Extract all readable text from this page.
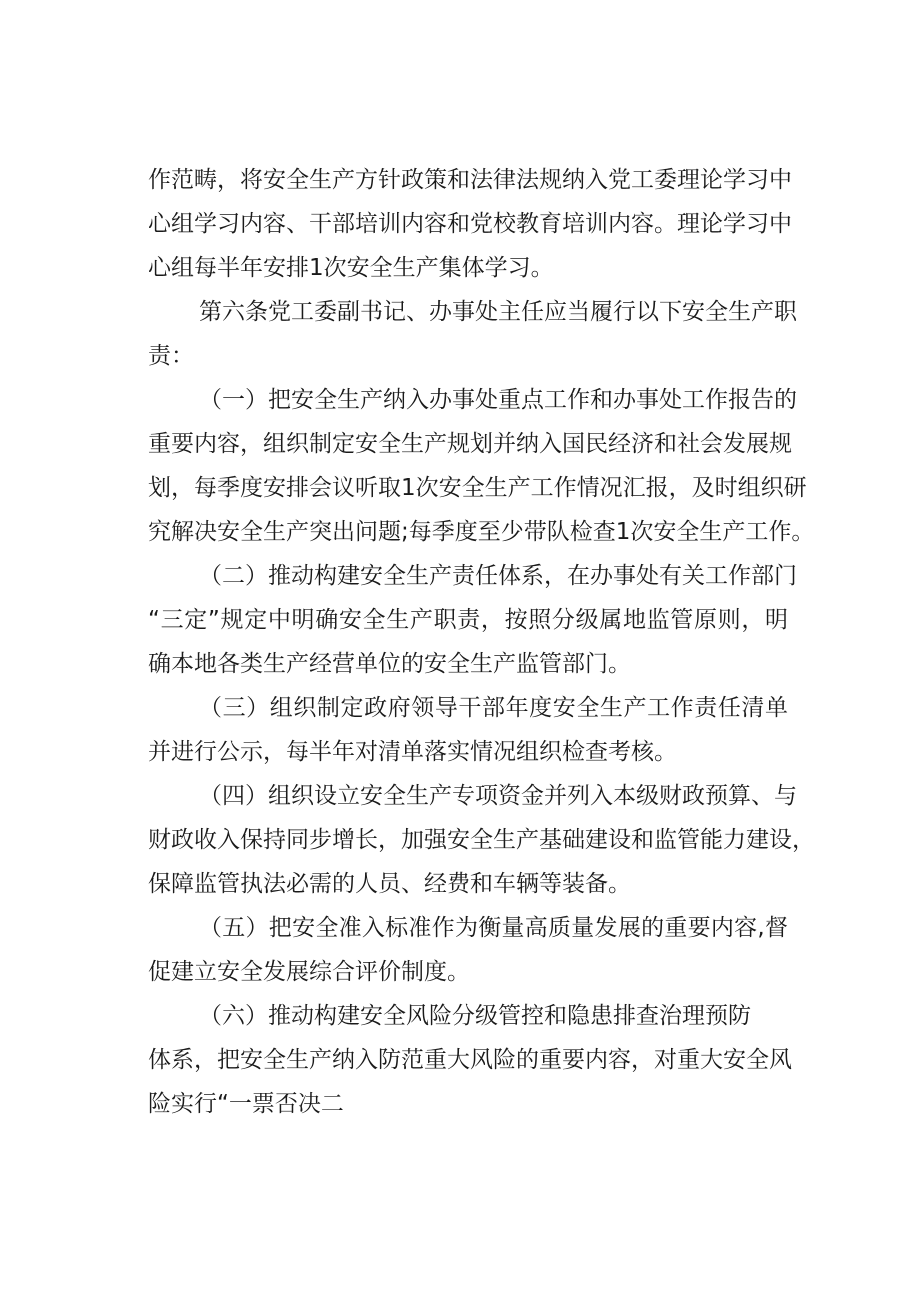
作范畴，将安全生产方针政策和法律法规纳入党工委理论学习中

心组学习内容、干部培训内容和党校教育培训内容。理论学习中

心组每半年安排1次安全生产集体学习。

第六条党工委副书记、办事处主任应当履行以下安全生产职

责：

（一）把安全生产纳入办事处重点工作和办事处工作报告的

重要内容，组织制定安全生产规划并纳入国民经济和社会发展规

划，每季度安排会议听取1次安全生产工作情况汇报，及时组织研

究解决安全生产突出问题;每季度至少带队检查1次安全生产工作。

（二）推动构建安全生产责任体系，在办事处有关工作部门

“三定”规定中明确安全生产职责，按照分级属地监管原则，明

确本地各类生产经营单位的安全生产监管部门。

（三）组织制定政府领导干部年度安全生产工作责任清单

并进行公示，每半年对清单落实情况组织检查考核。

（四）组织设立安全生产专项资金并列入本级财政预算、与

财政收入保持同步增长，加强安全生产基础建设和监管能力建设，

保障监管执法必需的人员、经费和车辆等装备。

（五）把安全准入标准作为衡量高质量发展的重要内容,督

促建立安全发展综合评价制度。

（六）推动构建安全风险分级管控和隐患排查治理预防

体系，把安全生产纳入防范重大风险的重要内容，对重大安全风

险实行“一票否决二
